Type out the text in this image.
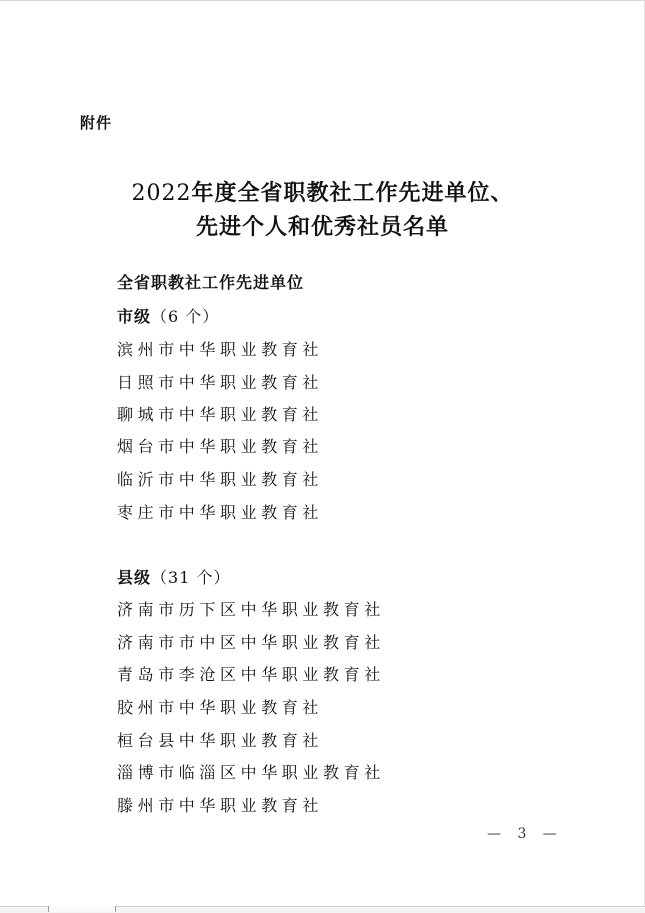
附件
2022年度全省职教社工作先进单位、
先进个人和优秀社员名单
全省职教社工作先进单位
市级（6 个）
滨州市中华职业教育社
日照市中华职业教育社
聊城市中华职业教育社
烟台市中华职业教育社
临沂市中华职业教育社
枣庄市中华职业教育社
县级（31 个）
济南市历下区中华职业教育社
济南市市中区中华职业教育社
青岛市李沧区中华职业教育社
胶州市中华职业教育社
桓台县中华职业教育社
淄博市临淄区中华职业教育社
滕州市中华职业教育社
— 3 —
